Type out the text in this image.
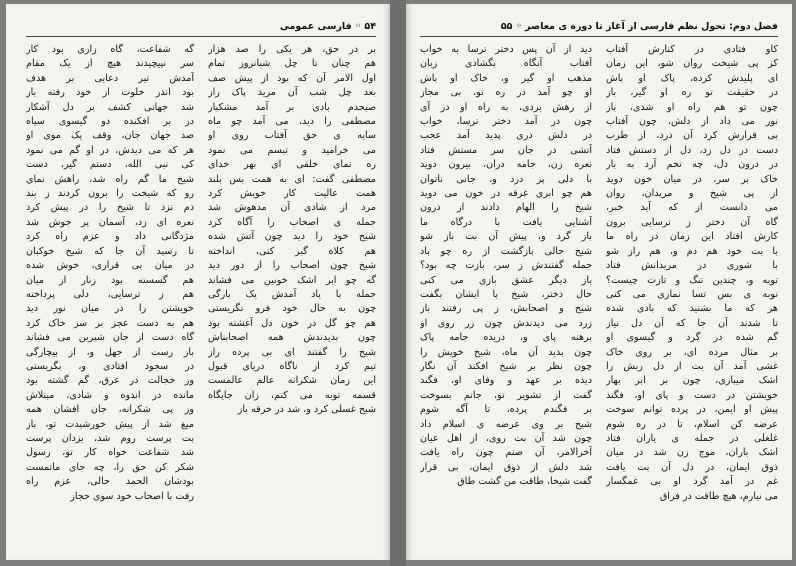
۵۴ ◦ فارسی عمومی

بر در حق، هر یکی را صد هزار

هم چنان تا چل شبانروز تمام

اول الامر آن که بود از پیش صف

بعد چل شب آن مرید پاک راز

صبحدم بادی بر آمد مشکبار

مصطفی را دید، می آمد چو ماه

سایه ی حق آفتاب روی او

می خرامید و تبسم می نمود

ره نمای خلقی ای بهر خدای

مصطفی گفت: ای به همت بس بلند

همت عالیت کار خویش کرد

مرد از شادی آن مدهوش شد

جمله ی اصحاب را آگاه کرد

شیخ خود را دید چون آتش شده

هم کلاه گبر کنی، انداخته

شیخ چون اصحاب را از دور دید

گه چو ابر اشک خونین می فشاند

جمله با یاد آمدش یک بارگی

چون به حال خود فرو نگریستی

هم چو گل در خون دل آغشته بود

چون بدیدندش همه اصحابناش

شیخ را گفتند ای بی پرده راز

تیم کرد از ناگاه دریای قبول

این زمان شکرانه عالم عالمست

قسمه توبه می کنم، زان جایگاه

شیخ غسلی کرد و، شد در خرقه باز

گه شفاعت، گاه زاری بود کار

سر نپیچیدند هیچ از یک مقام

آمدش تیر دعایی بر هدف

بود اندر خلوت از خود رفته باز

شد جهانی کشف بر دل آشکار

در بر افکنده دو گیسوی سیاه

صد جهان جان، وقف یک موی او

هر که می دیدش، در او گم می نمود

کی نبی الله، دستم گیر، دست

شیخ ما گم راه شد، راهش نمای

رو که شیخت را برون کردند ز بند

دم نزد تا شیخ را در پیش کرد

نعره ای زد، آسمان پر جوش شد

مژدگانی داد و عزم راه کرد

تا رسید آن جا که شیخ خوکبان

در میان بی قراری، خوش شده

هم گسسته بود زنار از میان

هم ز ترسایی، دلی پرداخته

خویشتن را در میان نور دید

هم به دست عجز بر سر خاک کرد

گاه دست از جان شیرین می فشاند

باز رست از جهل و، از بیچارگی

در سجود افتادی و، بگریستی

وز خجالت در عرق، گم گشته بود

مانده در اندوه و شادی، مبتلاش

وز پی شکرانه، جان افشان همه

میغ شد از پیش خورشیدت تو، باز

بت پرست روم شد، یزدان پرست

شد شفاعت خواه کار تو، رسول

شکر کن حق را، چه جای ماتمست

بودشان الحمد حالی، عزم راه

رفت با اصحاب خود سوی حجاز

فصل دوم: تحول نظم فارسی از آغاز تا دوره ی معاصر ◦ ۵۵

کاو فتادی در کنارش آفتاب

کز پی شیخت روان شو، این زمان

ای پلیدش کرده، پاک او باش

در حقیقت تو ره او گیر، باز

چون تو هم راه او شدی، باز

نور می داد از دلش، چون آفتاب

بی قرارش کرد آن درد، از طرب

دست در دل زد، دل از دستش فتاد

در درون دل، چه تخم آرد به بار

خاک بر سر، در میان خون دوید

از پی شیخ و مریدان، روان

می دانست از که آید خبر،

گاه آن دختر ز ترسایی برون

کارش افتاد این زمان در راه ما

با بت خود هم دم و، هم راز شو

با شوری در مریدانش فتاد

توبه و، چندین تنگ و تازت چیست؟

نوبه ی بس تسا نمازی می کنی

هر که ما بشنید که بادی شده

تا شدند آن جا که آن دل نیاز

گم شده در گرد و گیسوی او

بر مثال مرده ای، بر روی خاک

غشی آمد آن بت از دل ربش را

اشک میباری، چون بر ابر بهار

خویشتن در دست و پای او، فگند

پیش او ایمن، در پرده توانم سوخت

عرضه کن اسلام، تا در ره شوم

غلغلی در جمله ی یاران فتاد

اشک باران، موج زن شد در میان

ذوق ایمان، در دل آن بت یافت

غم در آمد گرد او بی غمگسار

می نیارم، هیچ طاقت در فراق

دید از آن پس دختر ترسا به خواب

آفتاب آنگاه بگشادی زبان

مذهب او گیر و، خاک او باش

او چو آمد در ره تو، بی مجاز

از رهش بردی، به راه او در آی

چون در آمد دختر ترسا، خواب

در دلش دری پدید آمد عجب

آتشی در جان سر مستش فتاد

نعره زن، جامه دران، بیرون دوید

با دلی پر درد و، جانی ناتوان

هم چو ابری غرقه در خون می دوید

شیخ را الهام دادند از درون

آشنایی یافت با درگاه ما

باز گرد و، پیش آن بت باز شو

شیخ حالی بازگشت از ره چو باد

جمله گفتندش ز سر، بازت چه بود؟

باز دیگر عشق بازی می کنی

حال دختر، شیخ با ایشان بگفت

شیخ و اصحابش، ز پی رفتند باز

زرد می دیدندش چون زر روی او

برهنه پای و، دریده جامه پاک

چون بدید آن ماه، شیخ خویش را

چون نظر بر شیخ افکند آن نگار

دیده بر عهد و وفای او، فگند

گفت از تشویر تو، جانم بسوخت

بر فگندم پرده، تا آگه شوم

شیخ بر وی عرضه ی اسلام داد

چون شد آن بت روی، از اهل عیان

آخرالامر، آن صنم چون راه یافت

شد دلش از ذوق ایمان، بی قرار

گفت شیخا، طاقت من گشت طاق
